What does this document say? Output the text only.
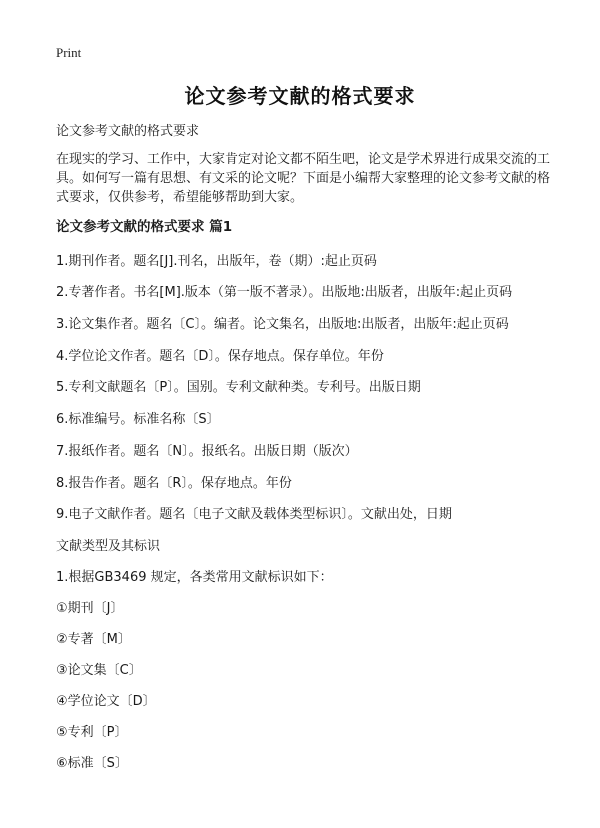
Print
论文参考文献的格式要求
论文参考文献的格式要求
在现实的学习、工作中，大家肯定对论文都不陌生吧，论文是学术界进行成果交流的工具。如何写一篇有思想、有文采的论文呢？下面是小编帮大家整理的论文参考文献的格式要求，仅供参考，希望能够帮助到大家。
论文参考文献的格式要求 篇1
1.期刊作者。题名[J].刊名，出版年，卷（期）:起止页码
2.专著作者。书名[M].版本（第一版不著录）。出版地:出版者，出版年:起止页码
3.论文集作者。题名〔C〕。编者。论文集名，出版地:出版者，出版年:起止页码
4.学位论文作者。题名〔D〕。保存地点。保存单位。年份
5.专利文献题名〔P〕。国别。专利文献种类。专利号。出版日期
6.标准编号。标准名称〔S〕
7.报纸作者。题名〔N〕。报纸名。出版日期（版次）
8.报告作者。题名〔R〕。保存地点。年份
9.电子文献作者。题名〔电子文献及载体类型标识〕。文献出处，日期
文献类型及其标识
1.根据GB3469 规定，各类常用文献标识如下：
①期刊〔J〕
②专著〔M〕
③论文集〔C〕
④学位论文〔D〕
⑤专利〔P〕
⑥标准〔S〕
